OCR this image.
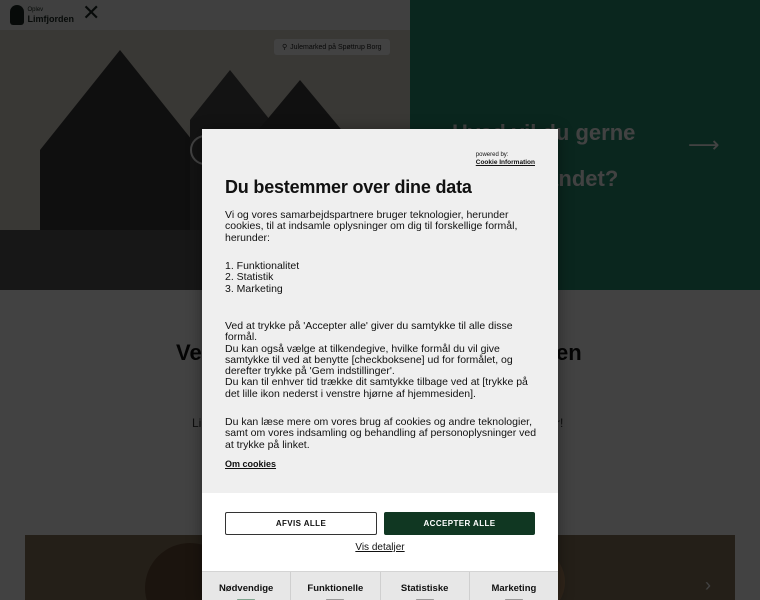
powered by:
Cookie Information
Du bestemmer over dine data
Vi og vores samarbejdspartnere bruger teknologier, herunder cookies, til at indsamle oplysninger om dig til forskellige formål, herunder:
1. Funktionalitet
2. Statistik
3. Marketing
Ved at trykke på 'Accepter alle' giver du samtykke til alle disse formål.
Du kan også vælge at tilkendegive, hvilke formål du vil give samtykke til ved at benytte [checkboksene] ud for formålet, og derefter trykke på 'Gem indstillinger'.
Du kan til enhver tid trække dit samtykke tilbage ved at [trykke på det lille ikon nederst i venstre hjørne af hjemmesiden].
Du kan læse mere om vores brug af cookies og andre teknologier, samt om vores indsamling og behandling af personoplysninger ved at trykke på linket.
Om cookies
AFVIS ALLE	ACCEPTER ALLE
Vis detaljer
Nødvendige	Funktionelle	Statistiske	Marketing
